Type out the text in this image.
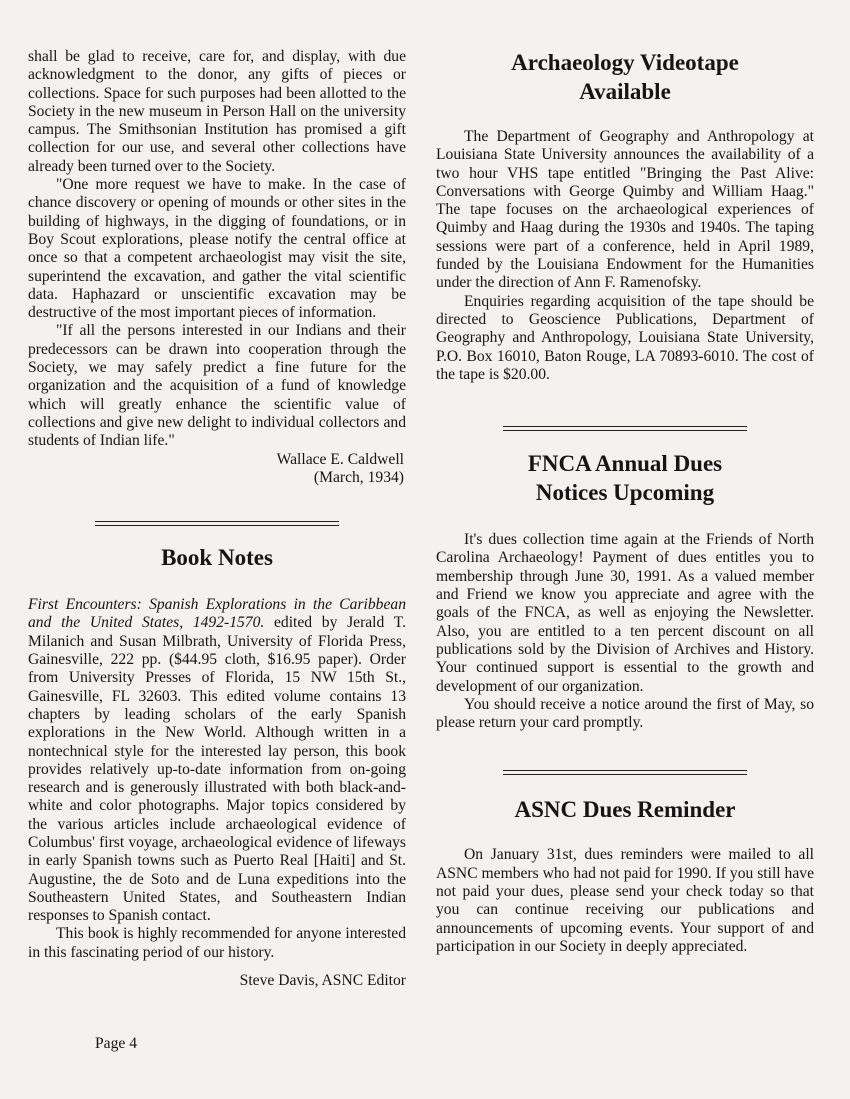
shall be glad to receive, care for, and display, with due acknowledgment to the donor, any gifts of pieces or collections. Space for such purposes had been allotted to the Society in the new museum in Person Hall on the university campus. The Smithsonian Institution has promised a gift collection for our use, and several other collections have already been turned over to the Society.

"One more request we have to make. In the case of chance discovery or opening of mounds or other sites in the building of highways, in the digging of foundations, or in Boy Scout explorations, please notify the central office at once so that a competent archaeologist may visit the site, superintend the excavation, and gather the vital scientific data. Haphazard or unscientific excavation may be destructive of the most important pieces of information.

"If all the persons interested in our Indians and their predecessors can be drawn into cooperation through the Society, we may safely predict a fine future for the organization and the acquisition of a fund of knowledge which will greatly enhance the scientific value of collections and give new delight to individual collectors and students of Indian life."

Wallace E. Caldwell

(March, 1934)

Book Notes

First Encounters: Spanish Explorations in the Caribbean and the United States, 1492-1570. edited by Jerald T. Milanich and Susan Milbrath, University of Florida Press, Gainesville, 222 pp. ($44.95 cloth, $16.95 paper). Order from University Presses of Florida, 15 NW 15th St., Gainesville, FL 32603. This edited volume contains 13 chapters by leading scholars of the early Spanish explorations in the New World. Although written in a nontechnical style for the interested lay person, this book provides relatively up-to-date information from on-going research and is generously illustrated with both black-and-white and color photographs. Major topics considered by the various articles include archaeological evidence of Columbus' first voyage, archaeological evidence of lifeways in early Spanish towns such as Puerto Real [Haiti] and St. Augustine, the de Soto and de Luna expeditions into the Southeastern United States, and Southeastern Indian responses to Spanish contact.

This book is highly recommended for anyone interested in this fascinating period of our history.

Steve Davis, ASNC Editor

Archaeology Videotape
Available

The Department of Geography and Anthropology at Louisiana State University announces the availability of a two hour VHS tape entitled "Bringing the Past Alive: Conversations with George Quimby and William Haag." The tape focuses on the archaeological experiences of Quimby and Haag during the 1930s and 1940s. The taping sessions were part of a conference, held in April 1989, funded by the Louisiana Endowment for the Humanities under the direction of Ann F. Ramenofsky.

Enquiries regarding acquisition of the tape should be directed to Geoscience Publications, Department of Geography and Anthropology, Louisiana State University, P.O. Box 16010, Baton Rouge, LA 70893-6010. The cost of the tape is $20.00.

FNCA Annual Dues
Notices Upcoming

It's dues collection time again at the Friends of North Carolina Archaeology! Payment of dues entitles you to membership through June 30, 1991. As a valued member and Friend we know you appreciate and agree with the goals of the FNCA, as well as enjoying the Newsletter. Also, you are entitled to a ten percent discount on all publications sold by the Division of Archives and History. Your continued support is essential to the growth and development of our organization.

You should receive a notice around the first of May, so please return your card promptly.

ASNC Dues Reminder

On January 31st, dues reminders were mailed to all ASNC members who had not paid for 1990. If you still have not paid your dues, please send your check today so that you can continue receiving our publications and announcements of upcoming events. Your support of and participation in our Society in deeply appreciated.

Page 4
